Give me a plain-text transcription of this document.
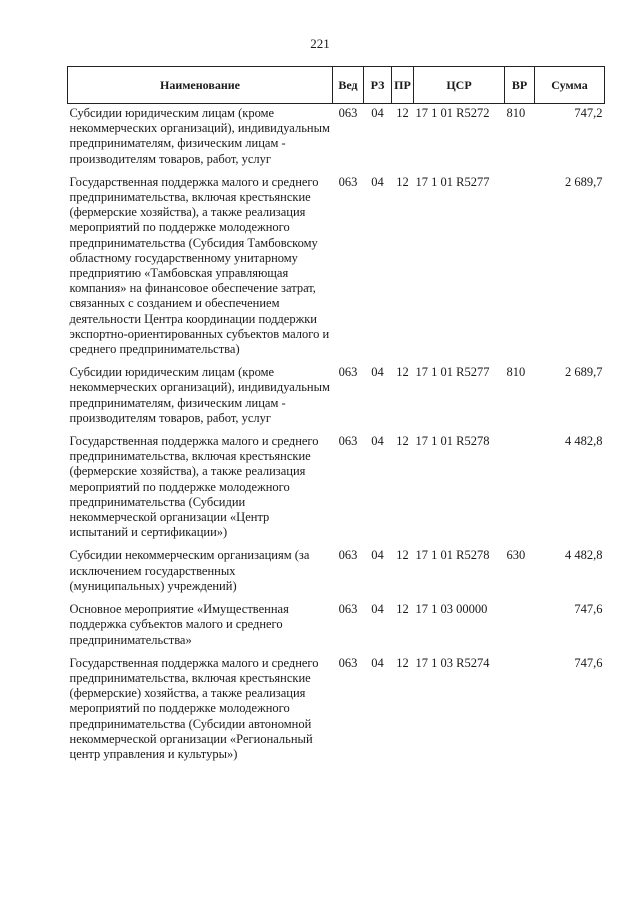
221
Наименование	Вед	РЗ	ПР	ЦСР	ВР	Сумма
Субсидии юридическим лицам (кроме некоммерческих организаций), индивидуальным предпринимателям, физическим лицам - производителям товаров, работ, услуг	063	04	12	17 1 01 R5272	810	747,2
Государственная поддержка малого и среднего предпринимательства, включая крестьянские (фермерские хозяйства), а также реализация мероприятий по поддержке молодежного предпринимательства (Субсидия Тамбовскому областному государственному унитарному предприятию «Тамбовская управляющая компания» на финансовое обеспечение затрат, связанных с созданием и обеспечением деятельности Центра координации поддержки экспортно-ориентированных субъектов малого и среднего предпринимательства)	063	04	12	17 1 01 R5277		2 689,7
Субсидии юридическим лицам (кроме некоммерческих организаций), индивидуальным предпринимателям, физическим лицам - производителям товаров, работ, услуг	063	04	12	17 1 01 R5277	810	2 689,7
Государственная поддержка малого и среднего предпринимательства, включая крестьянские (фермерские хозяйства), а также реализация мероприятий по поддержке молодежного предпринимательства (Субсидии некоммерческой организации «Центр испытаний и сертификации»)	063	04	12	17 1 01 R5278		4 482,8
Субсидии некоммерческим организациям (за исключением государственных (муниципальных) учреждений)	063	04	12	17 1 01 R5278	630	4 482,8
Основное мероприятие «Имущественная поддержка субъектов малого и среднего предпринимательства»	063	04	12	17 1 03 00000		747,6
Государственная поддержка малого и среднего предпринимательства, включая крестьянские (фермерские) хозяйства, а также реализация мероприятий по поддержке молодежного предпринимательства (Субсидии автономной некоммерческой организации «Региональный центр управления и культуры»)	063	04	12	17 1 03 R5274		747,6
